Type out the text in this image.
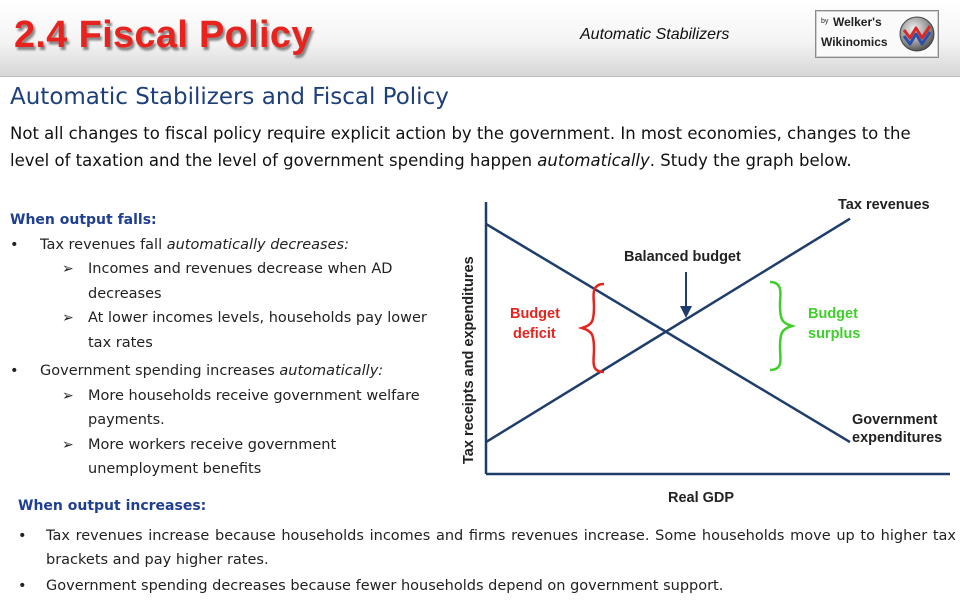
2.4 Fiscal Policy	Automatic Stabilizers
by Welker's
Wikinomics
Automatic Stabilizers and Fiscal Policy
Not all changes to fiscal policy require explicit action by the government. In most economies, changes to the level of taxation and the level of government spending happen automatically. Study the graph below.
When output falls:
• Tax revenues fall automatically decreases:
➢ Incomes and revenues decrease when AD decreases
➢ At lower incomes levels, households pay lower tax rates
• Government spending increases automatically:
➢ More households receive government welfare payments.
➢ More workers receive government unemployment benefits
Balanced budget
Budget
deficit
Budget
surplus
Tax revenues
Government
expenditures
Real GDP
Tax receipts and expenditures
When output increases:
• Tax revenues increase because households incomes and firms revenues increase. Some households move up to higher tax brackets and pay higher rates.
• Government spending decreases because fewer households depend on government support.
